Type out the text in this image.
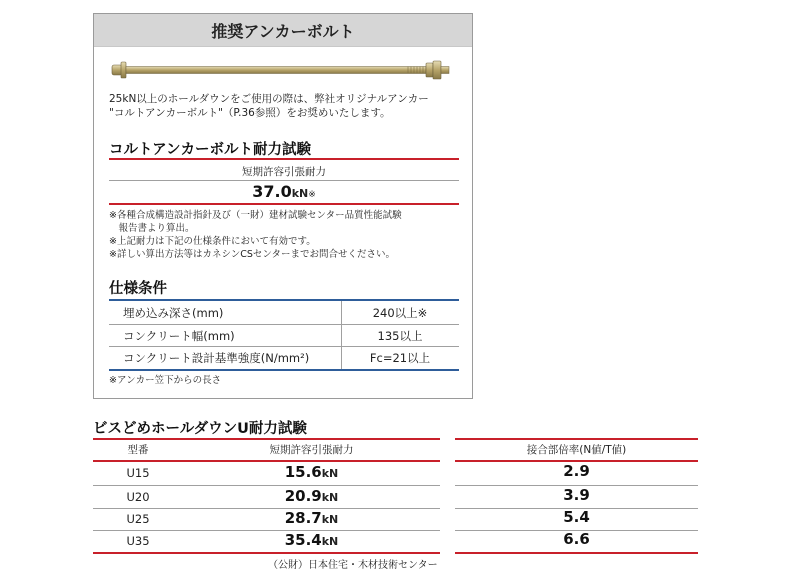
推奨アンカーボルト
25kN以上のホールダウンをご使用の際は、弊社オリジナルアンカー
"コルトアンカーボルト"（P.36参照）をお奨めいたします。
コルトアンカーボルト耐力試験
短期許容引張耐力
37.0kN※
※各種合成構造設計指針及び（一財）建材試験センター品質性能試験
　報告書より算出。
※上記耐力は下記の仕様条件において有効です。
※詳しい算出方法等はカネシンCSセンターまでお問合せください。
仕様条件
埋め込み深さ(mm)	240以上※
コンクリート幅(mm)	135以上
コンクリート設計基準強度(N/mm²)	Fc=21以上
※アンカー笠下からの長さ
ビスどめホールダウンU耐力試験
型番	短期許容引張耐力	接合部倍率(N値/T値)
U15	15.6kN	2.9
U20	20.9kN	3.9
U25	28.7kN	5.4
U35	35.4kN	6.6
（公財）日本住宅・木材技術センター
